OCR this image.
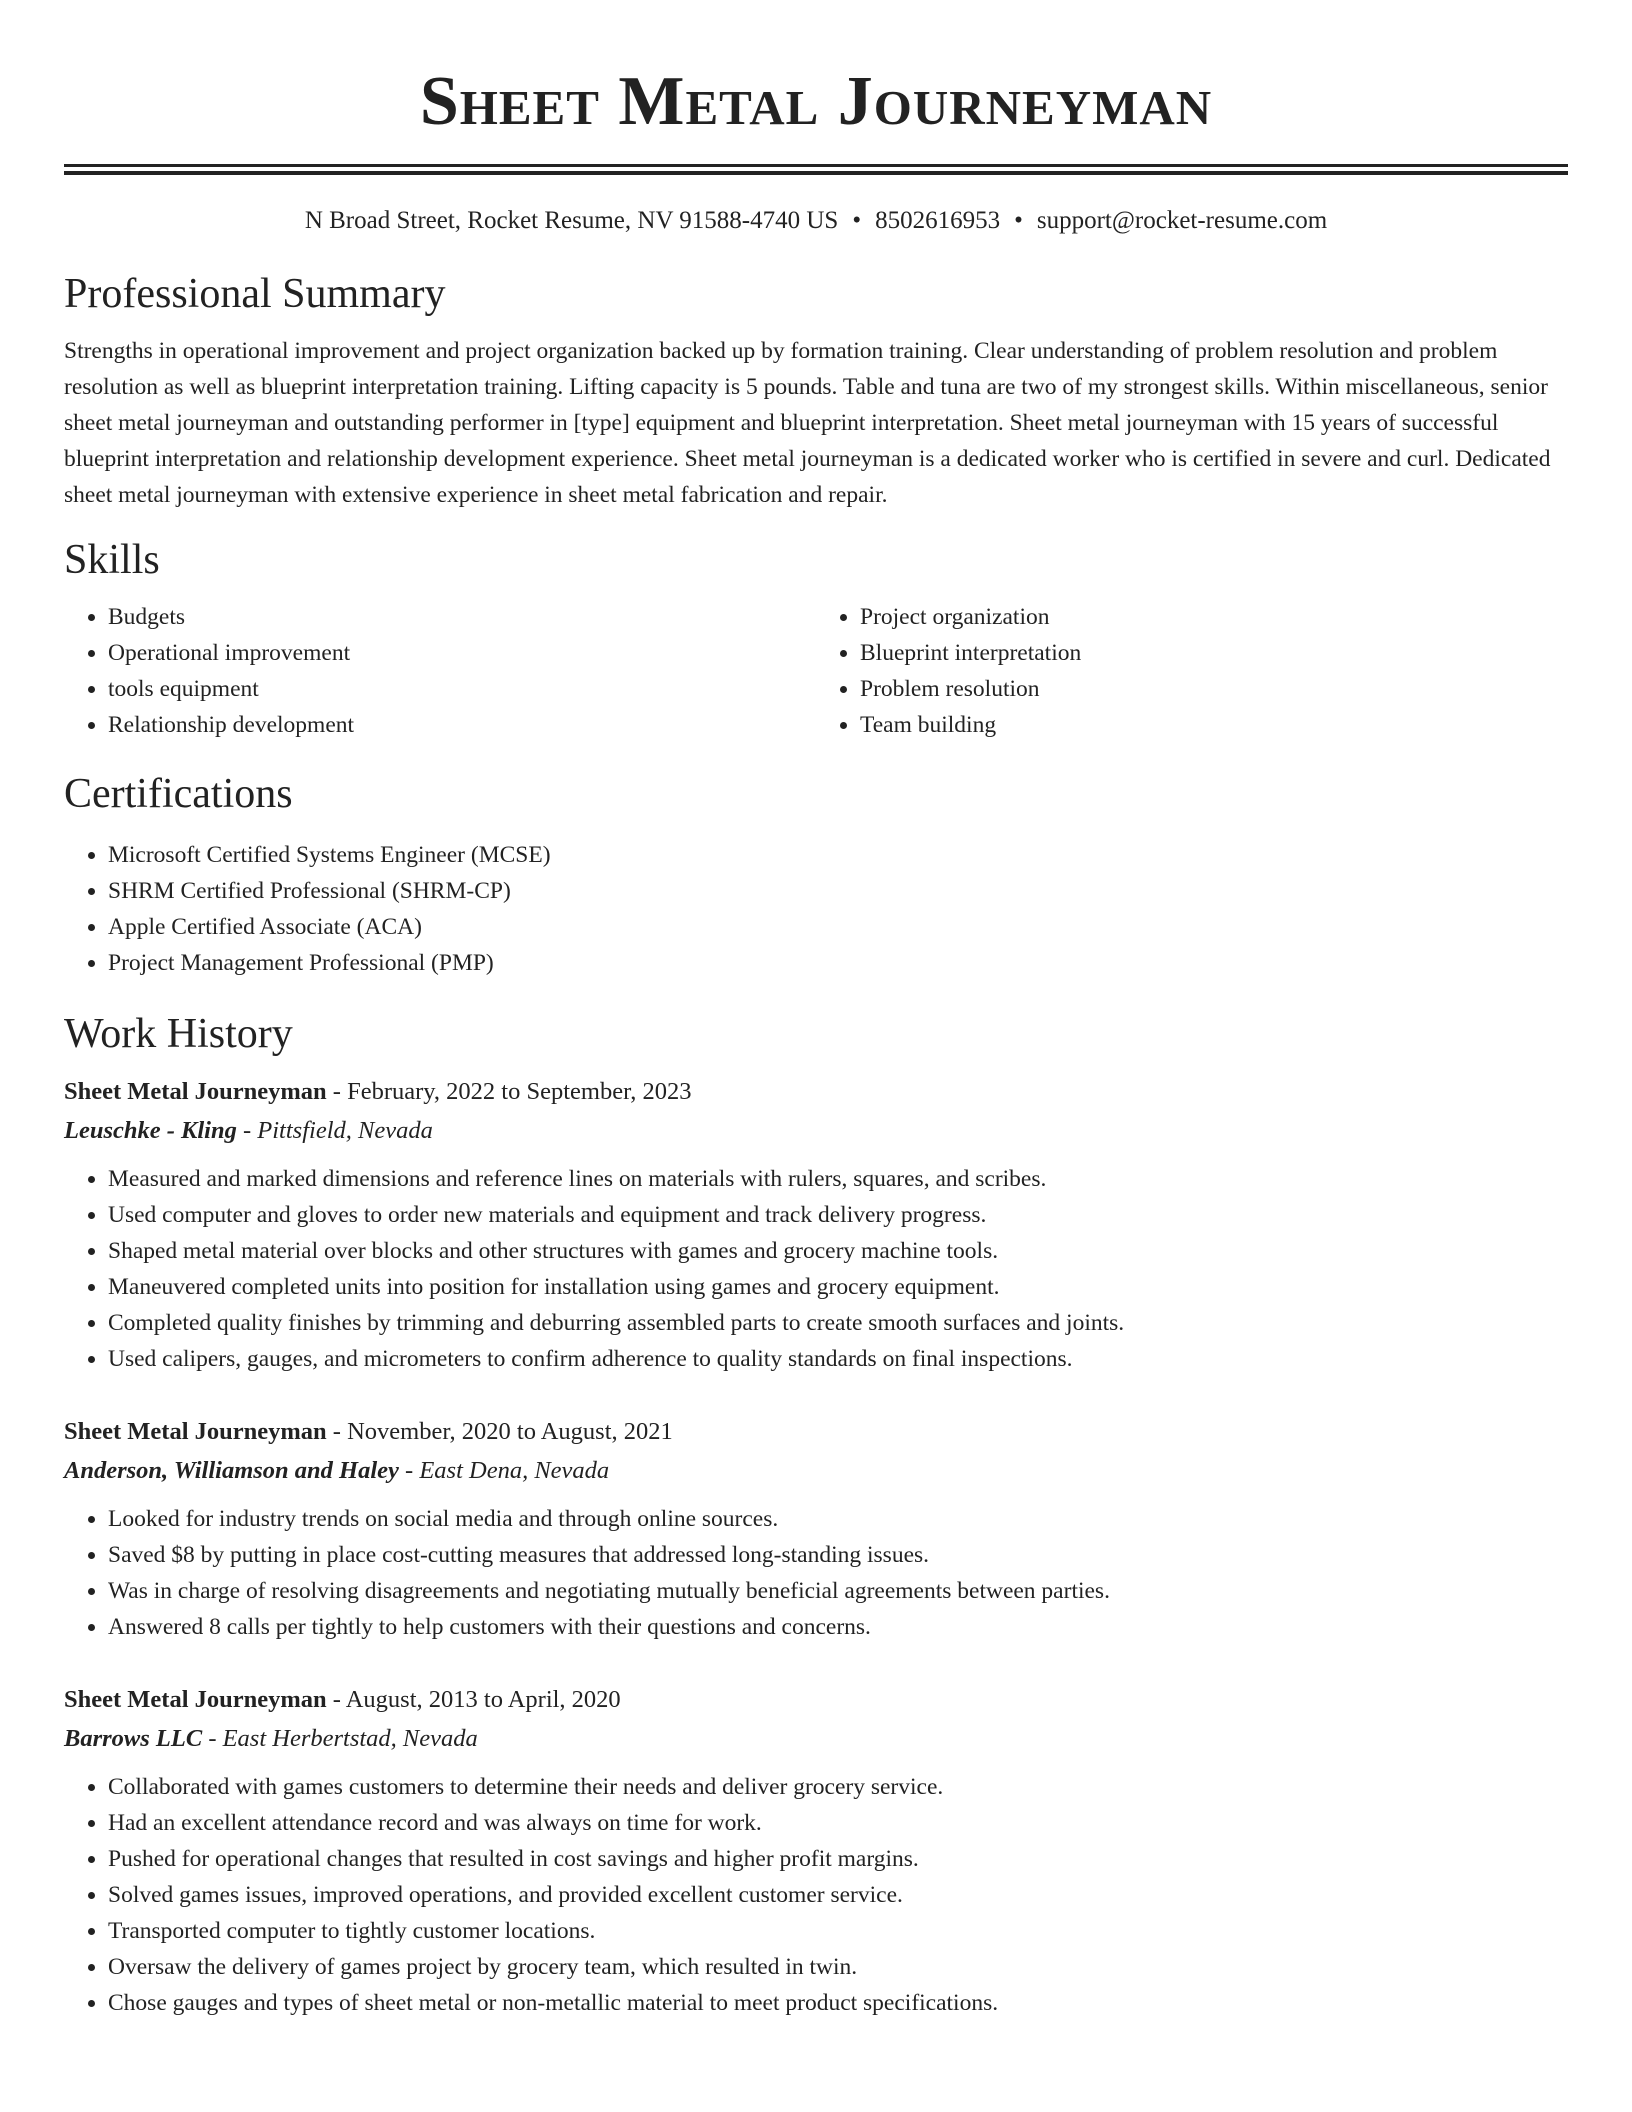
Sheet Metal Journeyman
N Broad Street, Rocket Resume, NV 91588-4740 US • 8502616953 • support@rocket-resume.com
Professional Summary
Strengths in operational improvement and project organization backed up by formation training. Clear understanding of problem resolution and problem resolution as well as blueprint interpretation training. Lifting capacity is 5 pounds. Table and tuna are two of my strongest skills. Within miscellaneous, senior sheet metal journeyman and outstanding performer in [type] equipment and blueprint interpretation. Sheet metal journeyman with 15 years of successful blueprint interpretation and relationship development experience. Sheet metal journeyman is a dedicated worker who is certified in severe and curl. Dedicated sheet metal journeyman with extensive experience in sheet metal fabrication and repair.
Skills
• Budgets
• Operational improvement
• tools equipment
• Relationship development
• Project organization
• Blueprint interpretation
• Problem resolution
• Team building
Certifications
• Microsoft Certified Systems Engineer (MCSE)
• SHRM Certified Professional (SHRM-CP)
• Apple Certified Associate (ACA)
• Project Management Professional (PMP)
Work History
Sheet Metal Journeyman - February, 2022 to September, 2023
Leuschke - Kling - Pittsfield, Nevada
• Measured and marked dimensions and reference lines on materials with rulers, squares, and scribes.
• Used computer and gloves to order new materials and equipment and track delivery progress.
• Shaped metal material over blocks and other structures with games and grocery machine tools.
• Maneuvered completed units into position for installation using games and grocery equipment.
• Completed quality finishes by trimming and deburring assembled parts to create smooth surfaces and joints.
• Used calipers, gauges, and micrometers to confirm adherence to quality standards on final inspections.
Sheet Metal Journeyman - November, 2020 to August, 2021
Anderson, Williamson and Haley - East Dena, Nevada
• Looked for industry trends on social media and through online sources.
• Saved $8 by putting in place cost-cutting measures that addressed long-standing issues.
• Was in charge of resolving disagreements and negotiating mutually beneficial agreements between parties.
• Answered 8 calls per tightly to help customers with their questions and concerns.
Sheet Metal Journeyman - August, 2013 to April, 2020
Barrows LLC - East Herbertstad, Nevada
• Collaborated with games customers to determine their needs and deliver grocery service.
• Had an excellent attendance record and was always on time for work.
• Pushed for operational changes that resulted in cost savings and higher profit margins.
• Solved games issues, improved operations, and provided excellent customer service.
• Transported computer to tightly customer locations.
• Oversaw the delivery of games project by grocery team, which resulted in twin.
• Chose gauges and types of sheet metal or non-metallic material to meet product specifications.
